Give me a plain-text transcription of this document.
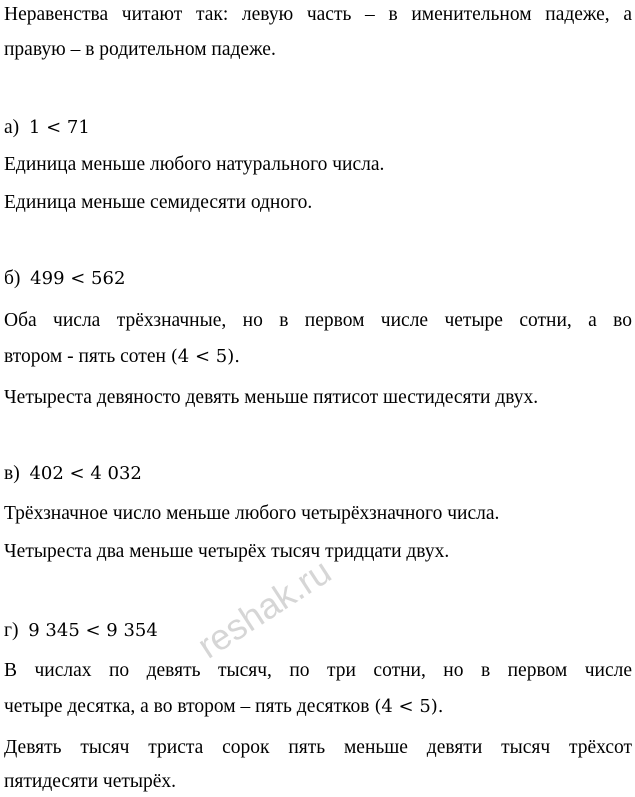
Неравенства читают так: левую часть – в именительном падеже, а
правую – в родительном падеже.
а) 1 < 71
Единица меньше любого натурального числа.
Единица меньше семидесяти одного.
б) 499 < 562
Оба числа трёхзначные, но в первом числе четыре сотни, а во
втором - пять сотен (4 < 5).
Четыреста девяносто девять меньше пятисот шестидесяти двух.
в) 402 < 4 032
Трёхзначное число меньше любого четырёхзначного числа.
Четыреста два меньше четырёх тысяч тридцати двух.
г) 9 345 < 9 354
В числах по девять тысяч, по три сотни, но в первом числе
четыре десятка, а во втором – пять десятков (4 < 5).
Девять тысяч триста сорок пять меньше девяти тысяч трёхсот
пятидесяти четырёх.
reshak.ru
